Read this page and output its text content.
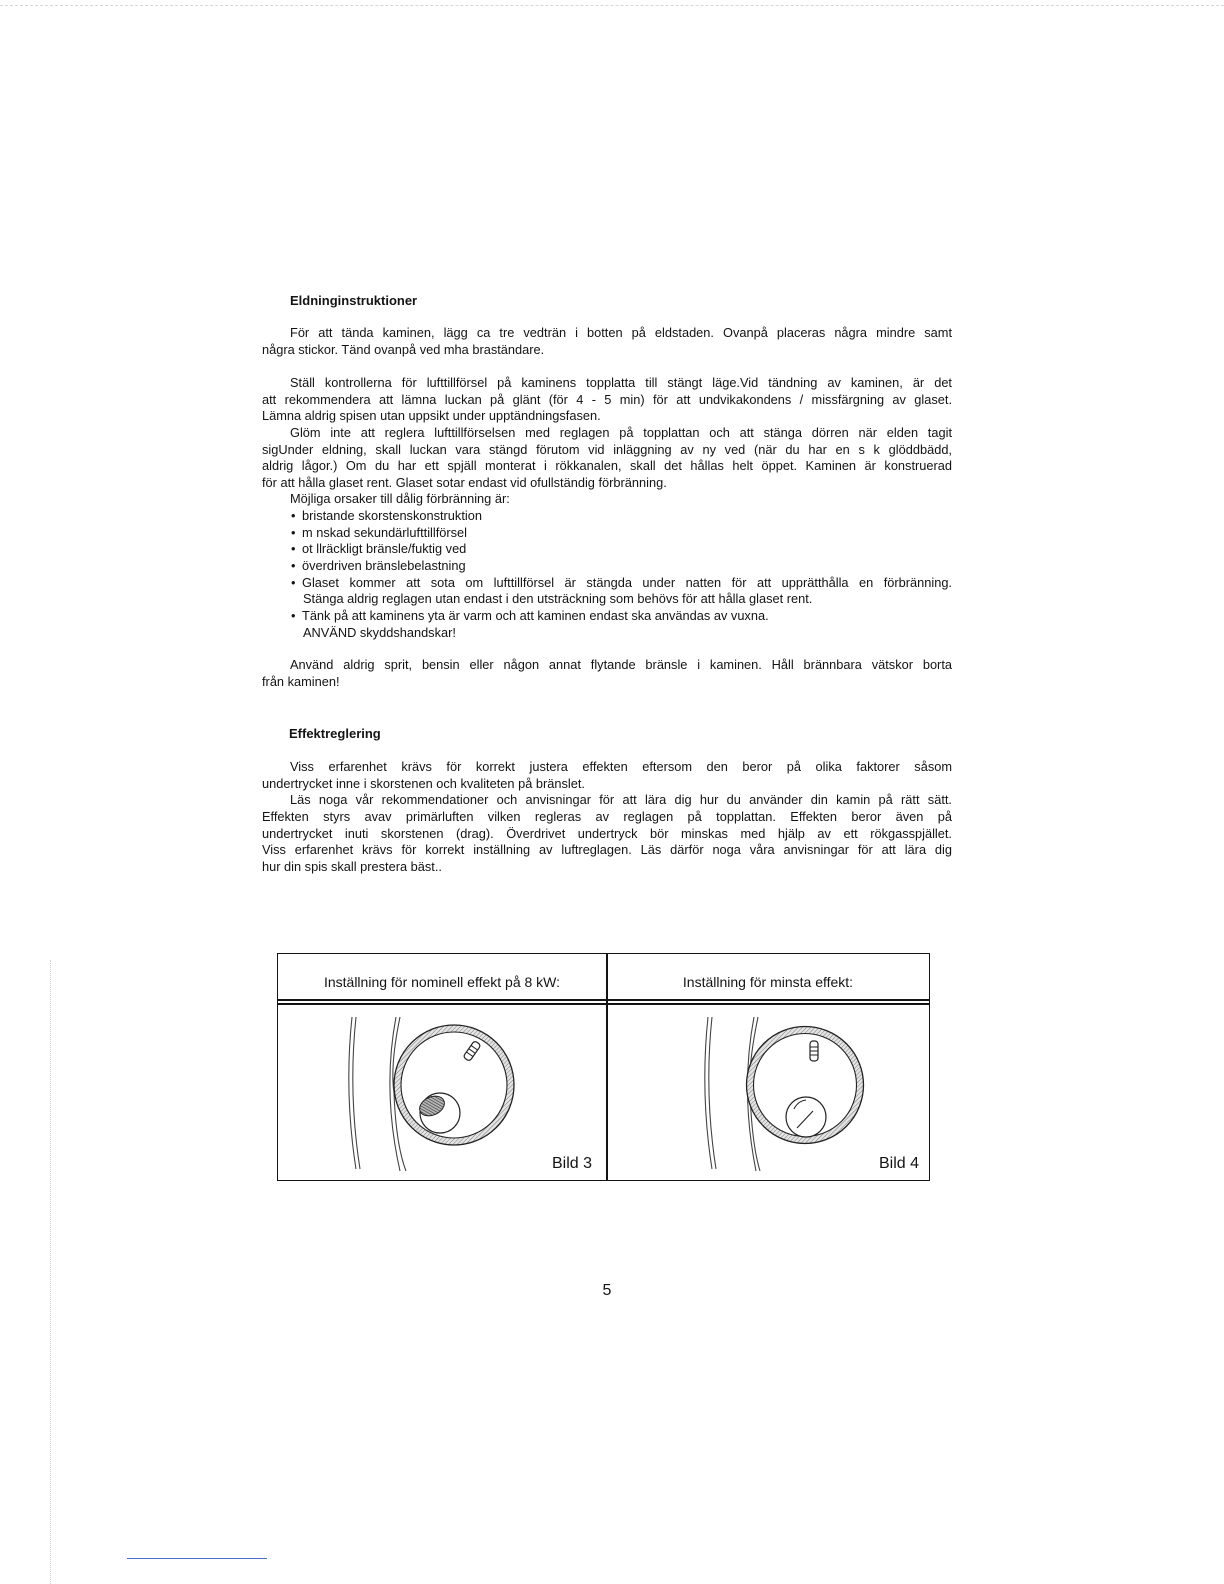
Eldninginstruktioner
För att tända kaminen, lägg ca tre vedträn i botten på eldstaden. Ovanpå placeras några mindre samt
några stickor. Tänd ovanpå ved mha braständare.
Ställ kontrollerna för lufttillförsel på kaminens topplatta till stängt läge.Vid tändning av kaminen, är det
att rekommendera att lämna luckan på glänt (för 4 - 5 min) för att undvikakondens / missfärgning av glaset.
Lämna aldrig spisen utan uppsikt under upptändningsfasen.
Glöm inte att reglera lufttillförselsen med reglagen på topplattan och att stänga dörren när elden tagit
sigUnder eldning, skall luckan vara stängd förutom vid inläggning av ny ved (när du har en s k glöddbädd,
aldrig lågor.) Om du har ett spjäll monterat i rökkanalen, skall det hållas helt öppet. Kaminen är konstruerad
för att hålla glaset rent. Glaset sotar endast vid ofullständig förbränning.
Möjliga orsaker till dålig förbränning är:
• bristande skorstenskonstruktion
• m nskad sekundärlufttillförsel
• ot llräckligt bränsle/fuktig ved
• överdriven bränslebelastning
• Glaset kommer att sota om lufttillförsel är stängda under natten för att upprätthålla en förbränning.
Stänga aldrig reglagen utan endast i den utsträckning som behövs för att hålla glaset rent.
• Tänk på att kaminens yta är varm och att kaminen endast ska användas av vuxna.
ANVÄND skyddshandskar!
Använd aldrig sprit, bensin eller någon annat flytande bränsle i kaminen. Håll brännbara vätskor borta
från kaminen!
Effektreglering
Viss erfarenhet krävs för korrekt justera effekten eftersom den beror på olika faktorer såsom
undertrycket inne i skorstenen och kvaliteten på bränslet.
Läs noga vår rekommendationer och anvisningar för att lära dig hur du använder din kamin på rätt sätt.
Effekten styrs avav primärluften vilken regleras av reglagen på topplattan. Effekten beror även på
undertrycket inuti skorstenen (drag). Överdrivet undertryck bör minskas med hjälp av ett rökgasspjället.
Viss erfarenhet krävs för korrekt inställning av luftreglagen. Läs därför noga våra anvisningar för att lära dig
hur din spis skall prestera bäst..
Inställning för nominell effekt på 8 kW:	Inställning för minsta effekt:
Bild 3	Bild 4
5
